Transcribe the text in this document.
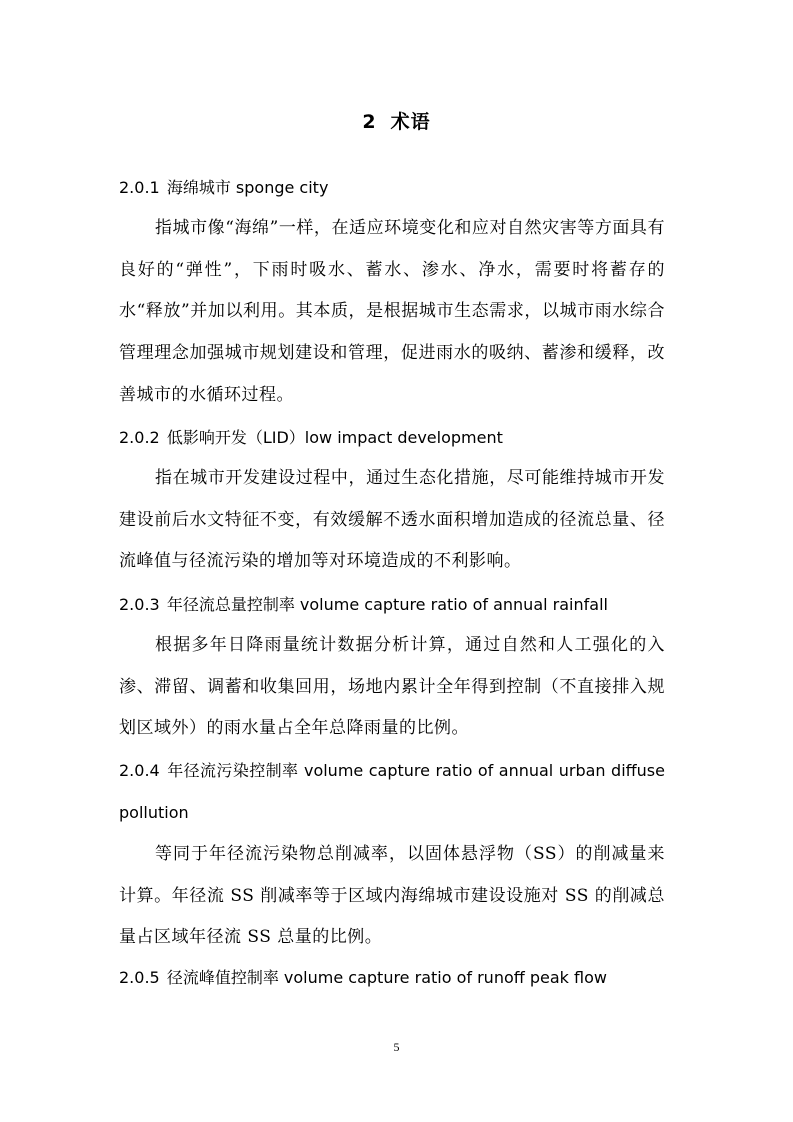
2 术语
2.0.1 海绵城市 sponge city
指城市像“海绵”一样，在适应环境变化和应对自然灾害等方面具有良好的“弹性”，下雨时吸水、蓄水、渗水、净水，需要时将蓄存的水“释放”并加以利用。其本质，是根据城市生态需求，以城市雨水综合管理理念加强城市规划建设和管理，促进雨水的吸纳、蓄渗和缓释，改善城市的水循环过程。
2.0.2 低影响开发（LID）low impact development
指在城市开发建设过程中，通过生态化措施，尽可能维持城市开发建设前后水文特征不变，有效缓解不透水面积增加造成的径流总量、径流峰值与径流污染的增加等对环境造成的不利影响。
2.0.3 年径流总量控制率 volume capture ratio of annual rainfall
根据多年日降雨量统计数据分析计算，通过自然和人工强化的入渗、滞留、调蓄和收集回用，场地内累计全年得到控制（不直接排入规划区域外）的雨水量占全年总降雨量的比例。
2.0.4 年径流污染控制率 volume capture ratio of annual urban diffuse pollution
等同于年径流污染物总削减率，以固体悬浮物（SS）的削减量来计算。年径流 SS 削减率等于区域内海绵城市建设设施对 SS 的削减总量占区域年径流 SS 总量的比例。
2.0.5 径流峰值控制率 volume capture ratio of runoff peak flow
5
